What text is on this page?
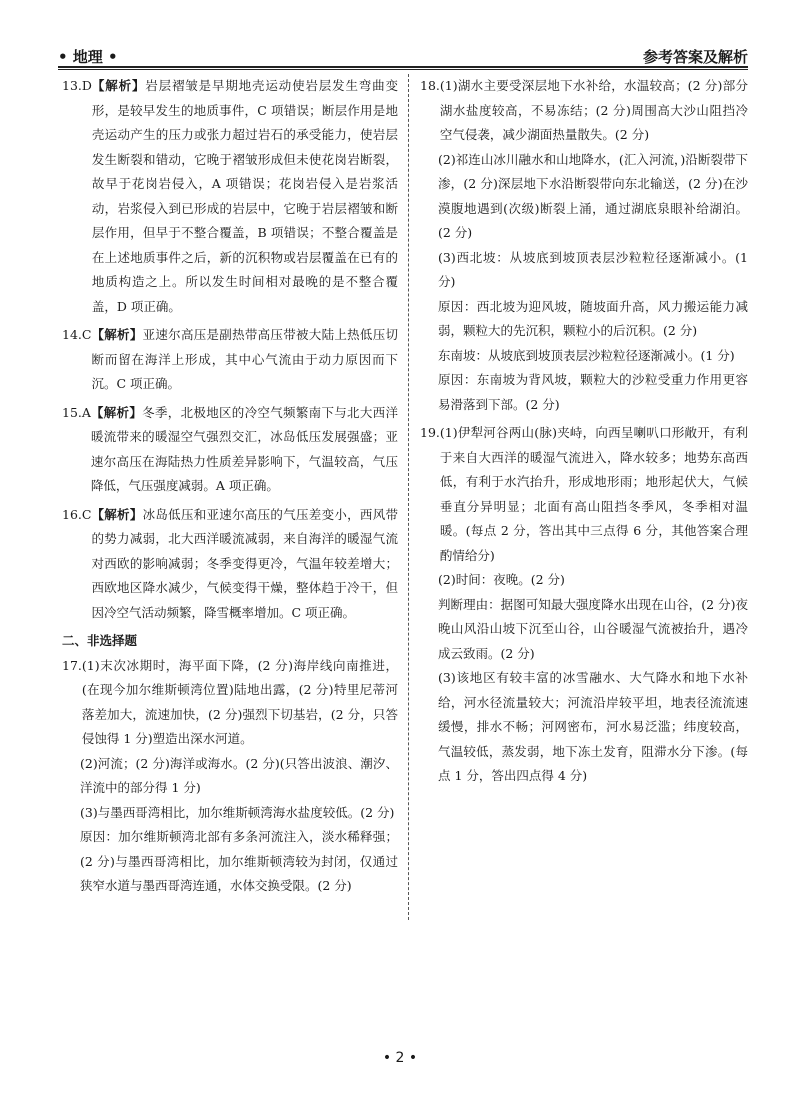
• 地理 •	参考答案及解析
13.D 【解析】岩层褶皱是早期地壳运动使岩层发生弯曲变形，是较早发生的地质事件，C 项错误；断层作用是地壳运动产生的压力或张力超过岩石的承受能力，使岩层发生断裂和错动，它晚于褶皱形成但未使花岗岩断裂，故早于花岗岩侵入，A 项错误；花岗岩侵入是岩浆活动，岩浆侵入到已形成的岩层中，它晚于岩层褶皱和断层作用，但早于不整合覆盖，B 项错误；不整合覆盖是在上述地质事件之后，新的沉积物或岩层覆盖在已有的地质构造之上。所以发生时间相对最晚的是不整合覆盖，D 项正确。
14.C 【解析】亚速尔高压是副热带高压带被大陆上热低压切断而留在海洋上形成，其中心气流由于动力原因而下沉。C 项正确。
15.A 【解析】冬季，北极地区的冷空气频繁南下与北大西洋暖流带来的暖湿空气强烈交汇，冰岛低压发展强盛；亚速尔高压在海陆热力性质差异影响下，气温较高，气压降低，气压强度减弱。A 项正确。
16.C 【解析】冰岛低压和亚速尔高压的气压差变小，西风带的势力减弱，北大西洋暖流减弱，来自海洋的暖湿气流对西欧的影响减弱；冬季变得更冷，气温年较差增大；西欧地区降水减少，气候变得干燥，整体趋于冷干，但因冷空气活动频繁，降雪概率增加。C 项正确。
二、非选择题
17. (1)末次冰期时，海平面下降，(2 分)海岸线向南推进，(在现今加尔维斯顿湾位置)陆地出露，(2 分)特里尼蒂河落差加大，流速加快，(2 分)强烈下切基岩，(2 分，只答侵蚀得 1 分)塑造出深水河道。
(2)河流；(2 分)海洋或海水。(2 分)(只答出波浪、潮汐、洋流中的部分得 1 分)
(3)与墨西哥湾相比，加尔维斯顿湾海水盐度较低。(2 分)
原因：加尔维斯顿湾北部有多条河流注入，淡水稀释强；(2 分)与墨西哥湾相比，加尔维斯顿湾较为封闭，仅通过狭窄水道与墨西哥湾连通，水体交换受限。(2 分)
18. (1)湖水主要受深层地下水补给，水温较高；(2 分)部分湖水盐度较高，不易冻结；(2 分)周围高大沙山阻挡冷空气侵袭，减少湖面热量散失。(2 分)
(2)祁连山冰川融水和山地降水，(汇入河流，)沿断裂带下渗，(2 分)深层地下水沿断裂带向东北输送，(2 分)在沙漠腹地遇到(次级)断裂上涌，通过湖底泉眼补给湖泊。(2 分)
(3)西北坡：从坡底到坡顶表层沙粒粒径逐渐减小。(1 分)
原因：西北坡为迎风坡，随坡面升高，风力搬运能力减弱，颗粒大的先沉积，颗粒小的后沉积。(2 分)
东南坡：从坡底到坡顶表层沙粒粒径逐渐减小。(1 分)
原因：东南坡为背风坡，颗粒大的沙粒受重力作用更容易滑落到下部。(2 分)
19. (1)伊犁河谷两山(脉)夹峙，向西呈喇叭口形敞开，有利于来自大西洋的暖湿气流进入，降水较多；地势东高西低，有利于水汽抬升，形成地形雨；地形起伏大，气候垂直分异明显；北面有高山阻挡冬季风，冬季相对温暖。(每点 2 分，答出其中三点得 6 分，其他答案合理酌情给分)
(2)时间：夜晚。(2 分)
判断理由：据图可知最大强度降水出现在山谷，(2 分)夜晚山风沿山坡下沉至山谷，山谷暖湿气流被抬升，遇冷成云致雨。(2 分)
(3)该地区有较丰富的冰雪融水、大气降水和地下水补给，河水径流量较大；河流沿岸较平坦，地表径流流速缓慢，排水不畅；河网密布，河水易泛滥；纬度较高，气温较低，蒸发弱，地下冻土发育，阻滞水分下渗。(每点 1 分，答出四点得 4 分)
• 2 •
